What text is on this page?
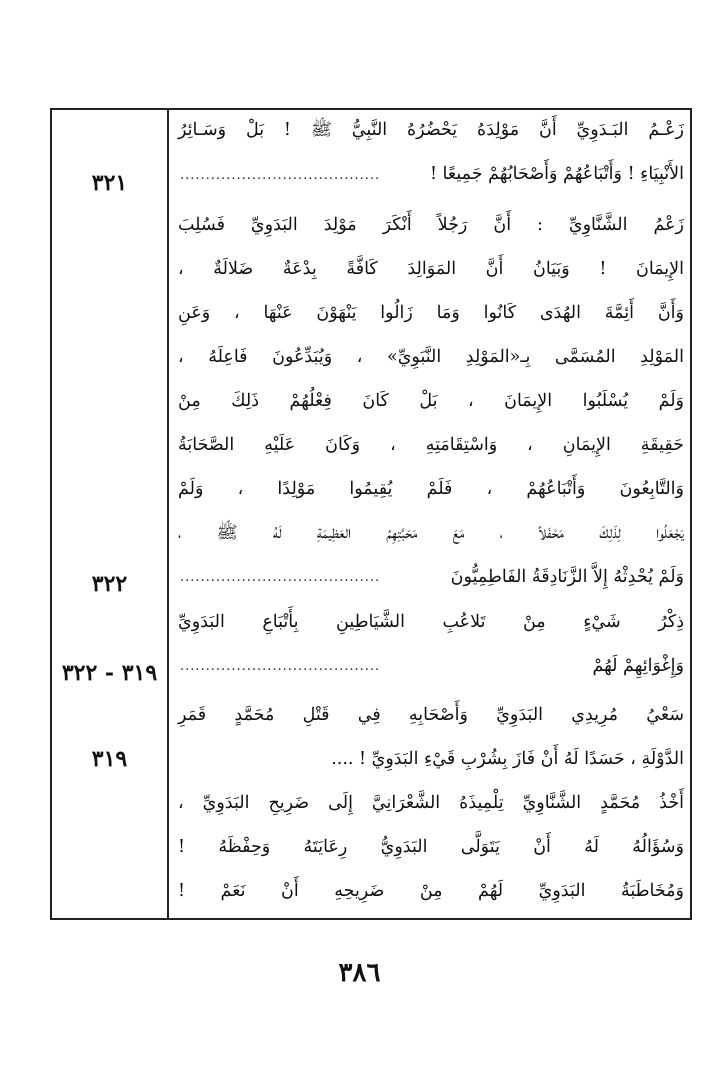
زَعْـمُ البَـدَوِيِّ أَنَّ مَوْلِدَهُ يَحْضُرُهُ النَّبِيُّ ﷺ ! بَلْ وَسَـائِرُ
الأَنْبِيَاءِ ! وَأَتْبَاعُهُمْ وَأَصْحَابُهُمْ جَمِيعًا !
.......................................
٣٢١
زَعْمُ الشَّنَّاوِيِّ : أَنَّ رَجُلاً أَنْكَرَ مَوْلِدَ البَدَوِيِّ فَسُلِبَ
الإِيمَانَ ! وَبَيَانُ أَنَّ المَوَالِدَ كَافَّةً بِدْعَةٌ ضَلالَةٌ ،
وَأَنَّ أَئِمَّةَ الهُدَى كَانُوا وَمَا زَالُوا يَنْهَوْنَ عَنْهَا ، وَعَنِ
المَوْلِدِ المُسَمَّى بِـ«المَوْلِدِ النَّبَوِيِّ» ، وَيُبَدِّعُونَ فَاعِلَهُ ،
وَلَمْ يُسْلَبُوا الإِيمَانَ ، بَلْ كَانَ فِعْلُهُمْ ذَلِكَ مِنْ
حَقِيقَةِ الإِيمَانِ ، وَاسْتِقَامَتِهِ ، وَكَانَ عَلَيْهِ الصَّحَابَةُ
وَالتَّابِعُونَ وَأَتْبَاعُهُمْ ، فَلَمْ يُقِيمُوا مَوْلِدًا ، وَلَمْ
يَجْعَلُوا لِذَلِكَ مَحْفَلاً ، مَعَ مَحَبَّتِهِمُ العَظِيمَةِ لَهُ ﷺ ،
وَلَمْ يُحْدِثْهُ إِلاَّ الزَّنَادِقَةُ الفَاطِمِيُّونَ
.......................................
٣٢٢
ذِكْرُ شَيْءٍ مِنْ تَلاعُبِ الشَّيَاطِينِ بِأَتْبَاعِ البَدَوِيِّ
وَإِغْوَائِهِمْ لَهُمْ
.......................................
٣١٩ - ٣٢٢
سَعْيُ مُرِيدِي البَدَوِيِّ وَأَصْحَابِهِ فِي قَتْلِ مُحَمَّدٍ قَمَرِ
الدَّوْلَةِ ، حَسَدًا لَهُ أَنْ فَازَ بِشُرْبِ قَيْءِ البَدَوِيِّ ! ....
٣١٩
أَخْذُ مُحَمَّدٍ الشَّنَّاوِيِّ تِلْمِيذَهُ الشَّعْرَانِيَّ إِلَى ضَرِيحِ البَدَوِيِّ ،
وَسُؤَالُهُ لَهُ أَنْ يَتَوَلَّى البَدَوِيُّ رِعَايَتَهُ وَحِفْظَهُ !
وَمُخَاطَبَةُ البَدَوِيِّ لَهُمْ مِنْ ضَرِيحِهِ أَنْ نَعَمْ !
٣٨٦
